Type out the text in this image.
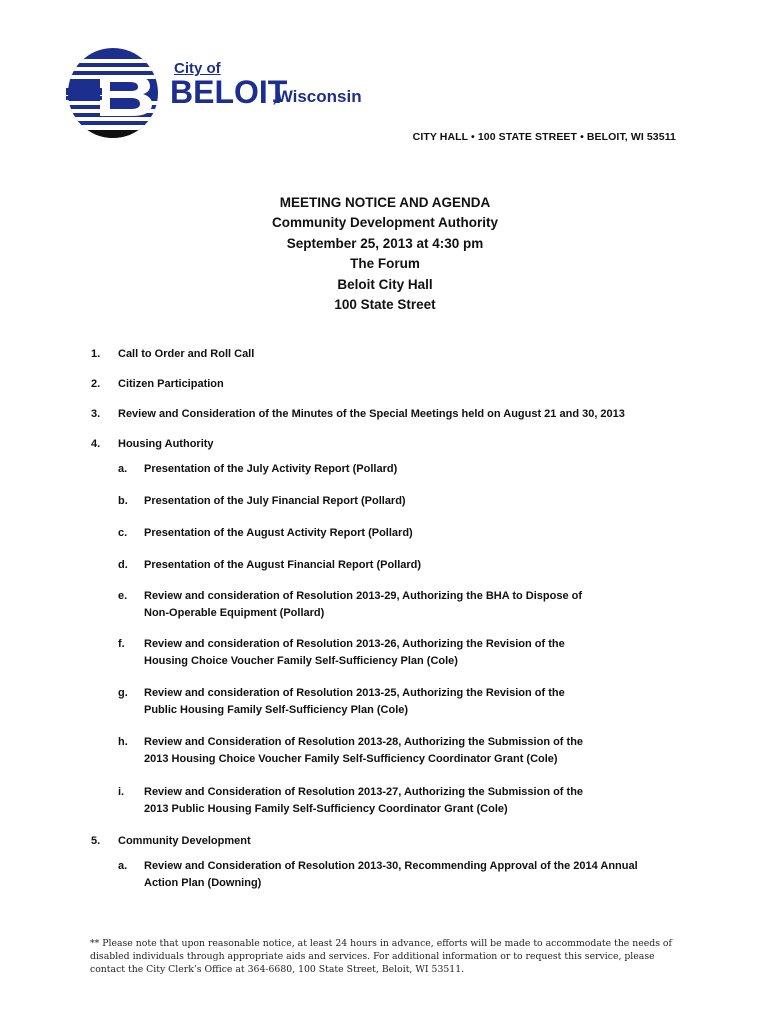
City of
BELOIT
,Wisconsin
CITY HALL • 100 STATE STREET • BELOIT, WI 53511
MEETING NOTICE AND AGENDA
Community Development Authority
September 25, 2013 at 4:30 pm
The Forum
Beloit City Hall
100 State Street
1. Call to Order and Roll Call
2. Citizen Participation
3. Review and Consideration of the Minutes of the Special Meetings held on August 21 and 30, 2013
4. Housing Authority
a. Presentation of the July Activity Report (Pollard)
b. Presentation of the July Financial Report (Pollard)
c. Presentation of the August Activity Report (Pollard)
d. Presentation of the August Financial Report (Pollard)
e. Review and consideration of Resolution 2013-29, Authorizing the BHA to Dispose of
Non-Operable Equipment (Pollard)
f. Review and consideration of Resolution 2013-26, Authorizing the Revision of the
Housing Choice Voucher Family Self-Sufficiency Plan (Cole)
g. Review and consideration of Resolution 2013-25, Authorizing the Revision of the
Public Housing Family Self-Sufficiency Plan (Cole)
h. Review and Consideration of Resolution 2013-28, Authorizing the Submission of the
2013 Housing Choice Voucher Family Self-Sufficiency Coordinator Grant (Cole)
i. Review and Consideration of Resolution 2013-27, Authorizing the Submission of the
2013 Public Housing Family Self-Sufficiency Coordinator Grant (Cole)
5. Community Development
a. Review and Consideration of Resolution 2013-30, Recommending Approval of the 2014 Annual
Action Plan (Downing)
** Please note that upon reasonable notice, at least 24 hours in advance, efforts will be made to accommodate the needs of
disabled individuals through appropriate aids and services. For additional information or to request this service, please
contact the City Clerk’s Office at 364-6680, 100 State Street, Beloit, WI 53511.
